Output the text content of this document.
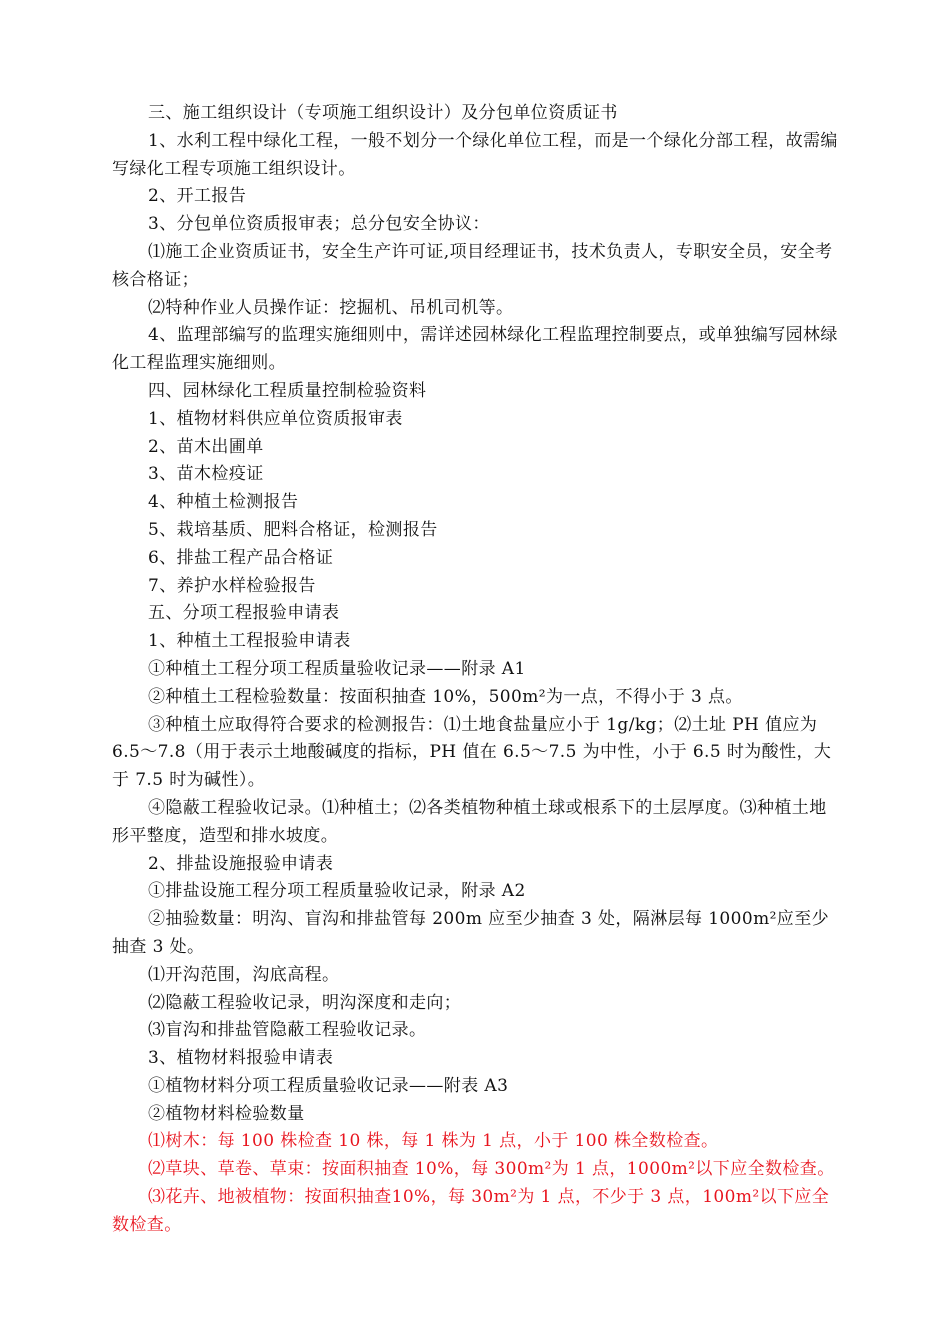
三、施工组织设计（专项施工组织设计）及分包单位资质证书

1、水利工程中绿化工程，一般不划分一个绿化单位工程，而是一个绿化分部工程，故需编写绿化工程专项施工组织设计。

2、开工报告

3、分包单位资质报审表；总分包安全协议：

⑴施工企业资质证书，安全生产许可证,项目经理证书，技术负责人，专职安全员，安全考核合格证；

⑵特种作业人员操作证：挖掘机、吊机司机等。

4、监理部编写的监理实施细则中，需详述园林绿化工程监理控制要点，或单独编写园林绿化工程监理实施细则。

四、园林绿化工程质量控制检验资料

1、植物材料供应单位资质报审表

2、苗木出圃单

3、苗木检疫证

4、种植土检测报告

5、栽培基质、肥料合格证，检测报告

6、排盐工程产品合格证

7、养护水样检验报告

五、分项工程报验申请表

1、种植土工程报验申请表

①种植土工程分项工程质量验收记录——附录 A1

②种植土工程检验数量：按面积抽查 10%，500m²为一点，不得小于 3 点。

③种植土应取得符合要求的检测报告：⑴土地食盐量应小于 1g/kg；⑵土址 PH 值应为 6.5～7.8（用于表示土地酸碱度的指标，PH 值在 6.5～7.5 为中性，小于 6.5 时为酸性，大于 7.5 时为碱性）。

④隐蔽工程验收记录。⑴种植土；⑵各类植物种植土球或根系下的土层厚度。⑶种植土地形平整度，造型和排水坡度。

2、排盐设施报验申请表

①排盐设施工程分项工程质量验收记录，附录 A2

②抽验数量：明沟、盲沟和排盐管每 200m 应至少抽查 3 处，隔淋层每 1000m²应至少抽查 3 处。

⑴开沟范围，沟底高程。

⑵隐蔽工程验收记录，明沟深度和走向；

⑶盲沟和排盐管隐蔽工程验收记录。

3、植物材料报验申请表

①植物材料分项工程质量验收记录——附表 A3

②植物材料检验数量

⑴树木：每 100 株检查 10 株，每 1 株为 1 点，小于 100 株全数检查。

⑵草块、草卷、草束：按面积抽查 10%，每 300m²为 1 点，1000m²以下应全数检查。

⑶花卉、地被植物：按面积抽查10%，每 30m²为 1 点，不少于 3 点，100m²以下应全数检查。
